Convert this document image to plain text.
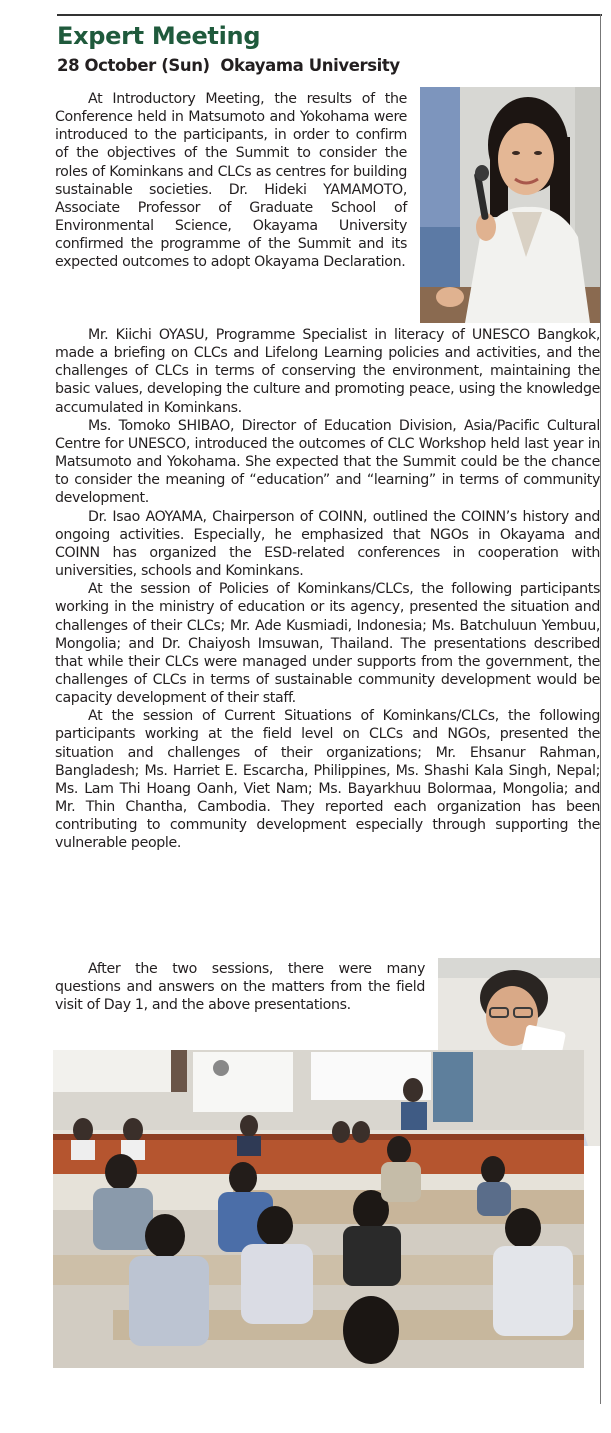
Expert Meeting
28 October (Sun)  Okayama University

At Introductory Meeting, the results of the Conference held in Matsumoto and Yokohama were introduced to the participants, in order to confirm of the objectives of the Summit to consider the roles of Kominkans and CLCs as centres for building sustainable societies. Dr. Hideki YAMAMOTO, Associate Professor of Graduate School of Environmental Science, Okayama University confirmed the programme of the Summit and its expected outcomes to adopt Okayama Declaration.

Mr. Kiichi OYASU, Programme Specialist in literacy of UNESCO Bangkok, made a briefing on CLCs and Lifelong Learning policies and activities, and the challenges of CLCs in terms of conserving the environment, maintaining the basic values, developing the culture and promoting peace, using the knowledge accumulated in Kominkans.

Ms. Tomoko SHIBAO, Director of Education Division, Asia/Pacific Cultural Centre for UNESCO, introduced the outcomes of CLC Workshop held last year in Matsumoto and Yokohama. She expected that the Summit could be the chance to consider the meaning of “education” and “learning” in terms of community development.

Dr. Isao AOYAMA, Chairperson of COINN, outlined the COINN’s history and ongoing activities. Especially, he emphasized that NGOs in Okayama and COINN has organized the ESD-related conferences in cooperation with universities, schools and Kominkans.

At the session of Policies of Kominkans/CLCs, the following participants working in the ministry of education or its agency, presented the situation and challenges of their CLCs; Mr. Ade Kusmiadi, Indonesia; Ms. Batchuluun Yembuu, Mongolia; and Dr. Chaiyosh Imsuwan, Thailand. The presentations described that while their CLCs were managed under supports from the government, the challenges of CLCs in terms of sustainable community development would be capacity development of their staff.

At the session of Current Situations of Kominkans/CLCs, the following participants working at the field level on CLCs and NGOs, presented the situation and challenges of their organizations; Mr. Ehsanur Rahman, Bangladesh; Ms. Harriet E. Escarcha, Philippines, Ms. Shashi Kala Singh, Nepal; Ms. Lam Thi Hoang Oanh, Viet Nam; Ms. Bayarkhuu Bolormaa, Mongolia; and Mr. Thin Chantha, Cambodia. They reported each organization has been contributing to community development especially through supporting the vulnerable people.

After the two sessions, there were many questions and answers on the matters from the field visit of Day 1, and the above presentations.
